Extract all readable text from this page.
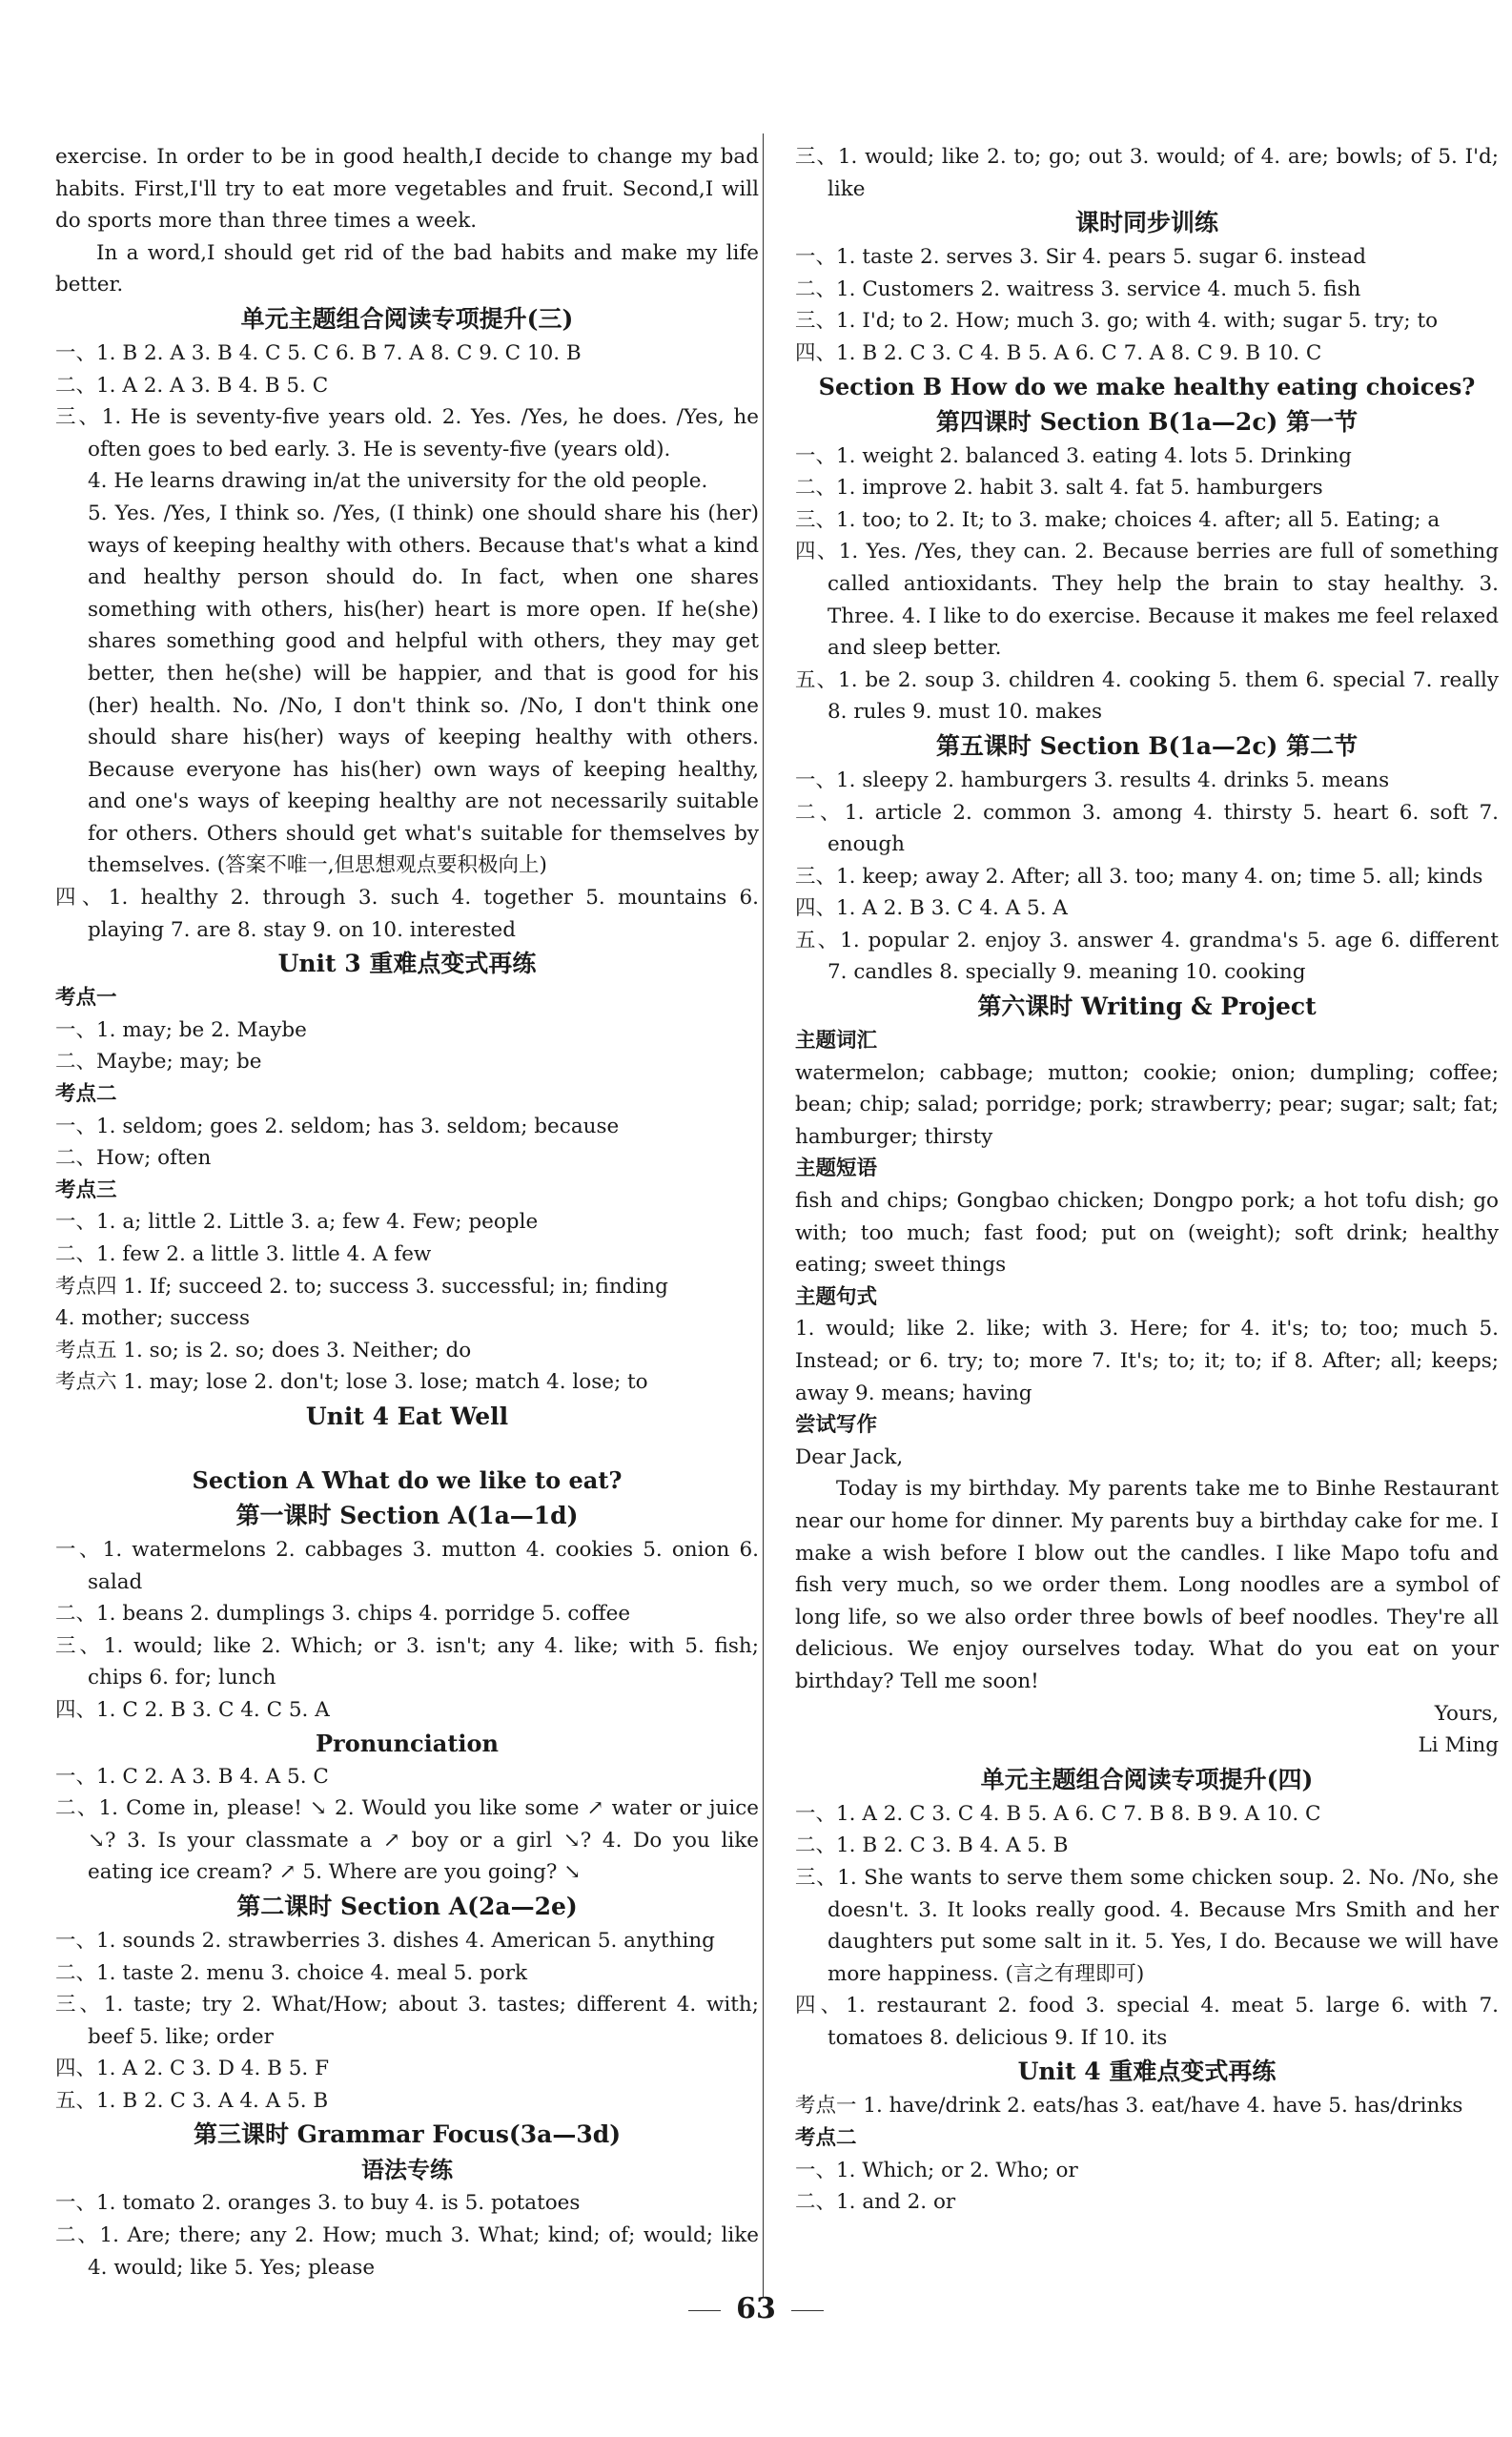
exercise. In order to be in good health,I decide to change my bad habits. First,I'll try to eat more vegetables and fruit. Second,I will do sports more than three times a week.
In a word,I should get rid of the bad habits and make my life better.
单元主题组合阅读专项提升(三)
一、1. B 2. A 3. B 4. C 5. C 6. B 7. A 8. C 9. C 10. B
二、1. A 2. A 3. B 4. B 5. C
三、1. He is seventy-five years old. 2. Yes. /Yes, he does. /Yes, he often goes to bed early. 3. He is seventy-five (years old).
4. He learns drawing in/at the university for the old people.
5. Yes. /Yes, I think so. /Yes, (I think) one should share his (her) ways of keeping healthy with others. Because that's what a kind and healthy person should do. In fact, when one shares something with others, his(her) heart is more open. If he(she) shares something good and helpful with others, they may get better, then he(she) will be happier, and that is good for his (her) health. No. /No, I don't think so. /No, I don't think one should share his(her) ways of keeping healthy with others. Because everyone has his(her) own ways of keeping healthy, and one's ways of keeping healthy are not necessarily suitable for others. Others should get what's suitable for themselves by themselves. (答案不唯一,但思想观点要积极向上)
四、1. healthy 2. through 3. such 4. together 5. mountains 6. playing 7. are 8. stay 9. on 10. interested
Unit 3 重难点变式再练
考点一
一、1. may; be 2. Maybe
二、Maybe; may; be
考点二
一、1. seldom; goes 2. seldom; has 3. seldom; because
二、How; often
考点三
一、1. a; little 2. Little 3. a; few 4. Few; people
二、1. few 2. a little 3. little 4. A few
考点四 1. If; succeed 2. to; success 3. successful; in; finding
4. mother; success
考点五 1. so; is 2. so; does 3. Neither; do
考点六 1. may; lose 2. don't; lose 3. lose; match 4. lose; to
Unit 4 Eat Well
Section A What do we like to eat?
第一课时 Section A(1a—1d)
一、1. watermelons 2. cabbages 3. mutton 4. cookies 5. onion 6. salad
二、1. beans 2. dumplings 3. chips 4. porridge 5. coffee
三、1. would; like 2. Which; or 3. isn't; any 4. like; with 5. fish; chips 6. for; lunch
四、1. C 2. B 3. C 4. C 5. A
Pronunciation
一、1. C 2. A 3. B 4. A 5. C
二、1. Come in, please! ↘ 2. Would you like some ↗ water or juice ↘? 3. Is your classmate a ↗ boy or a girl ↘? 4. Do you like eating ice cream? ↗ 5. Where are you going? ↘
第二课时 Section A(2a—2e)
一、1. sounds 2. strawberries 3. dishes 4. American 5. anything
二、1. taste 2. menu 3. choice 4. meal 5. pork
三、1. taste; try 2. What/How; about 3. tastes; different 4. with; beef 5. like; order
四、1. A 2. C 3. D 4. B 5. F
五、1. B 2. C 3. A 4. A 5. B
第三课时 Grammar Focus(3a—3d)
语法专练
一、1. tomato 2. oranges 3. to buy 4. is 5. potatoes
二、1. Are; there; any 2. How; much 3. What; kind; of; would; like 4. would; like 5. Yes; please
三、1. would; like 2. to; go; out 3. would; of 4. are; bowls; of 5. I'd; like
课时同步训练
一、1. taste 2. serves 3. Sir 4. pears 5. sugar 6. instead
二、1. Customers 2. waitress 3. service 4. much 5. fish
三、1. I'd; to 2. How; much 3. go; with 4. with; sugar 5. try; to
四、1. B 2. C 3. C 4. B 5. A 6. C 7. A 8. C 9. B 10. C
Section B How do we make healthy eating choices?
第四课时 Section B(1a—2c) 第一节
一、1. weight 2. balanced 3. eating 4. lots 5. Drinking
二、1. improve 2. habit 3. salt 4. fat 5. hamburgers
三、1. too; to 2. It; to 3. make; choices 4. after; all 5. Eating; a
四、1. Yes. /Yes, they can. 2. Because berries are full of something called antioxidants. They help the brain to stay healthy. 3. Three. 4. I like to do exercise. Because it makes me feel relaxed and sleep better.
五、1. be 2. soup 3. children 4. cooking 5. them 6. special 7. really 8. rules 9. must 10. makes
第五课时 Section B(1a—2c) 第二节
一、1. sleepy 2. hamburgers 3. results 4. drinks 5. means
二、1. article 2. common 3. among 4. thirsty 5. heart 6. soft 7. enough
三、1. keep; away 2. After; all 3. too; many 4. on; time 5. all; kinds
四、1. A 2. B 3. C 4. A 5. A
五、1. popular 2. enjoy 3. answer 4. grandma's 5. age 6. different 7. candles 8. specially 9. meaning 10. cooking
第六课时 Writing & Project
主题词汇
watermelon; cabbage; mutton; cookie; onion; dumpling; coffee; bean; chip; salad; porridge; pork; strawberry; pear; sugar; salt; fat; hamburger; thirsty
主题短语
fish and chips; Gongbao chicken; Dongpo pork; a hot tofu dish; go with; too much; fast food; put on (weight); soft drink; healthy eating; sweet things
主题句式
1. would; like 2. like; with 3. Here; for 4. it's; to; too; much 5. Instead; or 6. try; to; more 7. It's; to; it; to; if 8. After; all; keeps; away 9. means; having
尝试写作
Dear Jack,
Today is my birthday. My parents take me to Binhe Restaurant near our home for dinner. My parents buy a birthday cake for me. I make a wish before I blow out the candles. I like Mapo tofu and fish very much, so we order them. Long noodles are a symbol of long life, so we also order three bowls of beef noodles. They're all delicious. We enjoy ourselves today. What do you eat on your birthday? Tell me soon!
Yours,
Li Ming
单元主题组合阅读专项提升(四)
一、1. A 2. C 3. C 4. B 5. A 6. C 7. B 8. B 9. A 10. C
二、1. B 2. C 3. B 4. A 5. B
三、1. She wants to serve them some chicken soup. 2. No. /No, she doesn't. 3. It looks really good. 4. Because Mrs Smith and her daughters put some salt in it. 5. Yes, I do. Because we will have more happiness. (言之有理即可)
四、1. restaurant 2. food 3. special 4. meat 5. large 6. with 7. tomatoes 8. delicious 9. If 10. its
Unit 4 重难点变式再练
考点一 1. have/drink 2. eats/has 3. eat/have 4. have 5. has/drinks
考点二
一、1. Which; or 2. Who; or
二、1. and 2. or
63
